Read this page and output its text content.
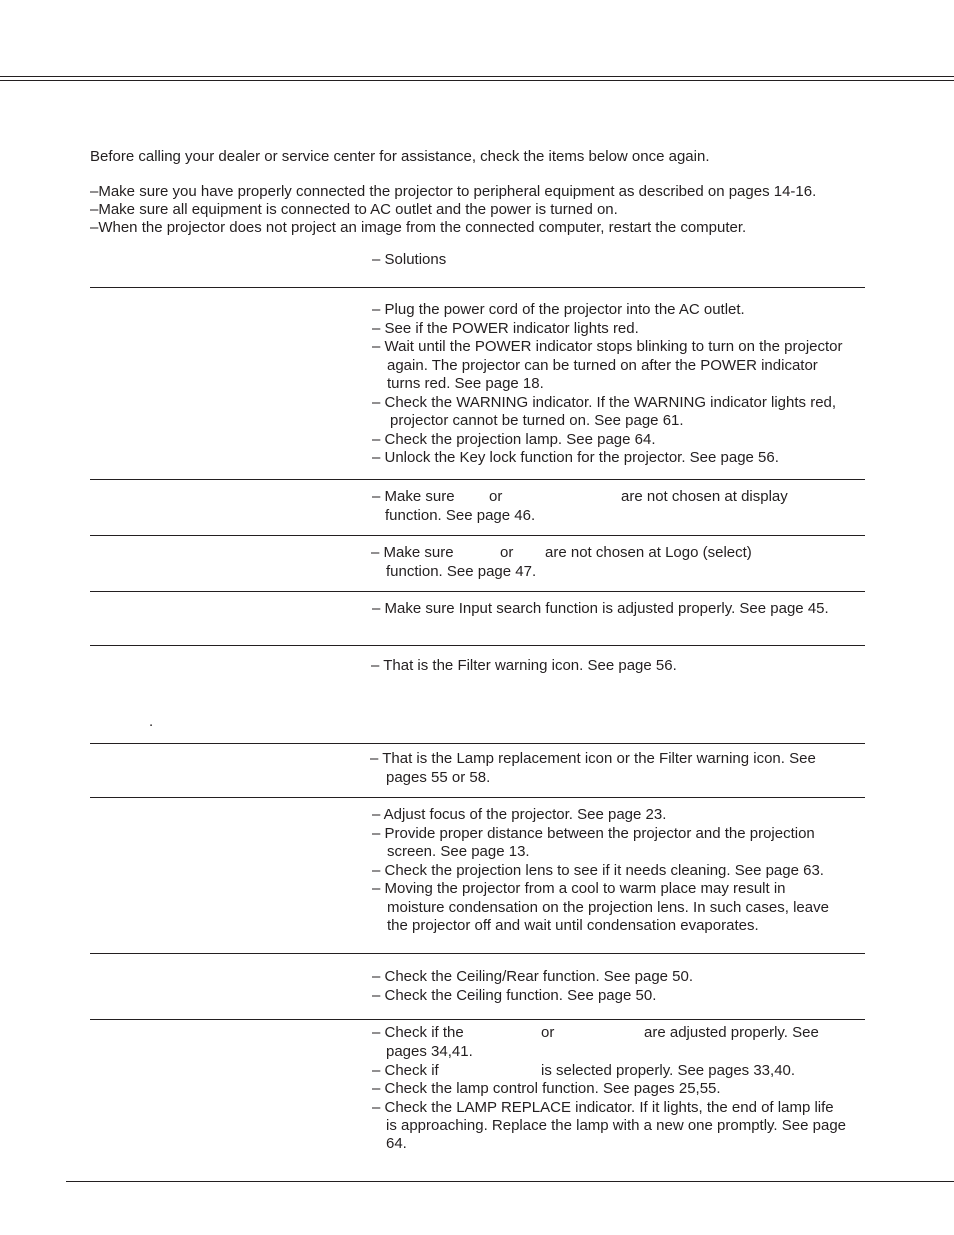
Before calling your dealer or service center for assistance, check the items below once again.
–Make sure you have properly connected the projector to peripheral equipment as described on pages 14-16.
–Make sure all equipment is connected to AC outlet and the power is turned on.
–When the projector does not project an image from the connected computer, restart the computer.
– Solutions
– Plug the power cord of the projector into the AC outlet.
– See if the POWER indicator lights red.
– Wait until the POWER indicator stops blinking to turn on the projector
again. The projector can be turned on after the POWER indicator
turns red. See page 18.
– Check the WARNING indicator. If the WARNING indicator lights red,
projector cannot be turned on. See page 61.
– Check the projection lamp. See page 64.
– Unlock the Key lock function for the projector. See page 56.
– Make sure or	are not chosen at display
function. See page 46.
– Make sure	or are not chosen at Logo (select)
function. See page 47.
– Make sure Input search function is adjusted properly. See page 45.
– That is the Filter warning icon. See page 56.
.
– That is the Lamp replacement icon or the Filter warning icon. See
pages 55 or 58.
– Adjust focus of the projector. See page 23.
– Provide proper distance between the projector and the projection
screen. See page 13.
– Check the projection lens to see if it needs cleaning. See page 63.
– Moving the projector from a cool to warm place may result in
moisture condensation on the projection lens. In such cases, leave
the projector off and wait until condensation evaporates.
– Check the Ceiling/Rear function. See page 50.
– Check the Ceiling function. See page 50.
– Check if the	or	are adjusted properly. See
pages 34,41.
– Check if	is selected properly. See pages 33,40.
– Check the lamp control function. See pages 25,55.
– Check the LAMP REPLACE indicator. If it lights, the end of lamp life
is approaching. Replace the lamp with a new one promptly. See page
64.
